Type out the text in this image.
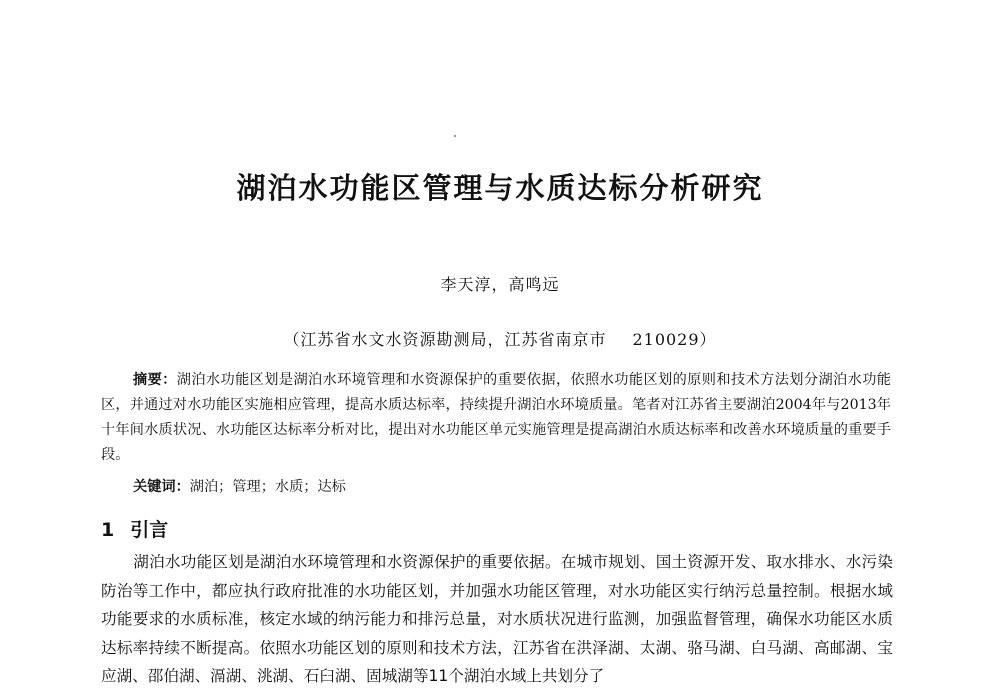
湖泊水功能区管理与水质达标分析研究
李天淳，高鸣远
（江苏省水文水资源勘测局，江苏省南京市 210029）
摘要：湖泊水功能区划是湖泊水环境管理和水资源保护的重要依据，依照水功能区划的原则和技术方法划分湖泊水功能区，并通过对水功能区实施相应管理，提高水质达标率，持续提升湖泊水环境质量。笔者对江苏省主要湖泊2004年与2013年十年间水质状况、水功能区达标率分析对比，提出对水功能区单元实施管理是提高湖泊水质达标率和改善水环境质量的重要手段。
关键词：湖泊；管理；水质；达标
1 引言
湖泊水功能区划是湖泊水环境管理和水资源保护的重要依据。在城市规划、国土资源开发、取水排水、水污染防治等工作中，都应执行政府批准的水功能区划，并加强水功能区管理，对水功能区实行纳污总量控制。根据水域功能要求的水质标准，核定水域的纳污能力和排污总量，对水质状况进行监测，加强监督管理，确保水功能区水质达标率持续不断提高。依照水功能区划的原则和技术方法，江苏省在洪泽湖、太湖、骆马湖、白马湖、高邮湖、宝应湖、邵伯湖、滆湖、洮湖、石臼湖、固城湖等11个湖泊水域上共划分了
